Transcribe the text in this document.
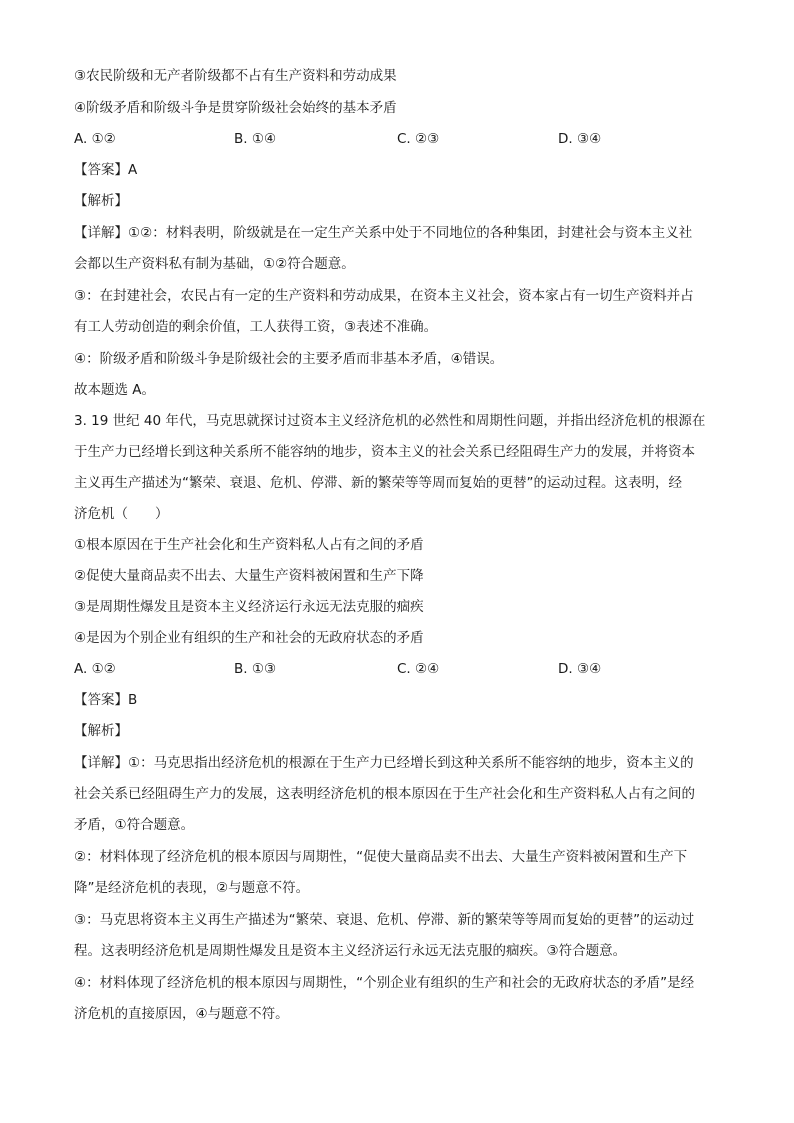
③农民阶级和无产者阶级都不占有生产资料和劳动成果
④阶级矛盾和阶级斗争是贯穿阶级社会始终的基本矛盾
A. ①②	B. ①④	C. ②③	D. ③④
【答案】A
【解析】
【详解】①②：材料表明，阶级就是在一定生产关系中处于不同地位的各种集团，封建社会与资本主义社
会都以生产资料私有制为基础，①②符合题意。
③：在封建社会，农民占有一定的生产资料和劳动成果，在资本主义社会，资本家占有一切生产资料并占
有工人劳动创造的剩余价值，工人获得工资，③表述不准确。
④：阶级矛盾和阶级斗争是阶级社会的主要矛盾而非基本矛盾，④错误。
故本题选 A。
3. 19 世纪 40 年代，马克思就探讨过资本主义经济危机的必然性和周期性问题，并指出经济危机的根源在
于生产力已经增长到这种关系所不能容纳的地步，资本主义的社会关系已经阻碍生产力的发展，并将资本
主义再生产描述为“繁荣、衰退、危机、停滞、新的繁荣等等周而复始的更替”的运动过程。这表明，经
济危机（　　）
①根本原因在于生产社会化和生产资料私人占有之间的矛盾
②促使大量商品卖不出去、大量生产资料被闲置和生产下降
③是周期性爆发且是资本主义经济运行永远无法克服的痼疾
④是因为个别企业有组织的生产和社会的无政府状态的矛盾
A. ①②	B. ①③	C. ②④	D. ③④
【答案】B
【解析】
【详解】①：马克思指出经济危机的根源在于生产力已经增长到这种关系所不能容纳的地步，资本主义的
社会关系已经阻碍生产力的发展，这表明经济危机的根本原因在于生产社会化和生产资料私人占有之间的
矛盾，①符合题意。
②：材料体现了经济危机的根本原因与周期性，“促使大量商品卖不出去、大量生产资料被闲置和生产下
降”是经济危机的表现，②与题意不符。
③：马克思将资本主义再生产描述为“繁荣、衰退、危机、停滞、新的繁荣等等周而复始的更替”的运动过
程。这表明经济危机是周期性爆发且是资本主义经济运行永远无法克服的痼疾。③符合题意。
④：材料体现了经济危机的根本原因与周期性，“个别企业有组织的生产和社会的无政府状态的矛盾”是经
济危机的直接原因，④与题意不符。
